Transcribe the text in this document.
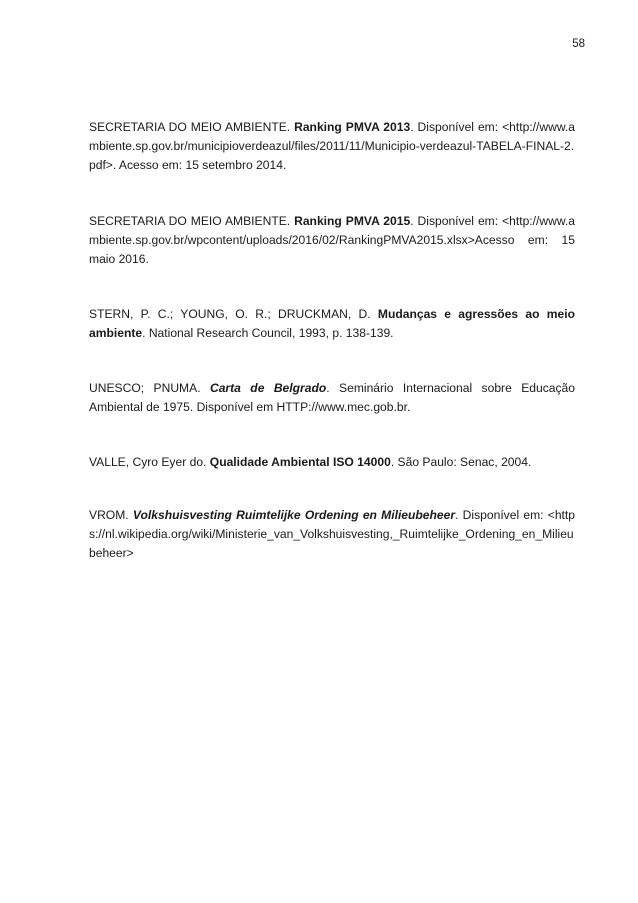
58

SECRETARIA DO MEIO AMBIENTE. Ranking PMVA 2013. Disponível em: <http://www.ambiente.sp.gov.br/municipioverdeazul/files/2011/11/Municipio-verdeazul-TABELA-FINAL-2.pdf>. Acesso em: 15 setembro 2014.

SECRETARIA DO MEIO AMBIENTE. Ranking PMVA 2015. Disponível em: <http://www.ambiente.sp.gov.br/wpcontent/uploads/2016/02/RankingPMVA2015.xlsx>Acesso em: 15 maio 2016.

STERN, P. C.; YOUNG, O. R.; DRUCKMAN, D. Mudanças e agressões ao meio ambiente. National Research Council, 1993, p. 138-139.

UNESCO; PNUMA. Carta de Belgrado. Seminário Internacional sobre Educação Ambiental de 1975. Disponível em HTTP://www.mec.gob.br.

VALLE, Cyro Eyer do. Qualidade Ambiental ISO 14000. São Paulo: Senac, 2004.

VROM. Volkshuisvesting Ruimtelijke Ordening en Milieubeheer. Disponível em: <https://nl.wikipedia.org/wiki/Ministerie_van_Volkshuisvesting,_Ruimtelijke_Ordening_en_Milieubeheer>
